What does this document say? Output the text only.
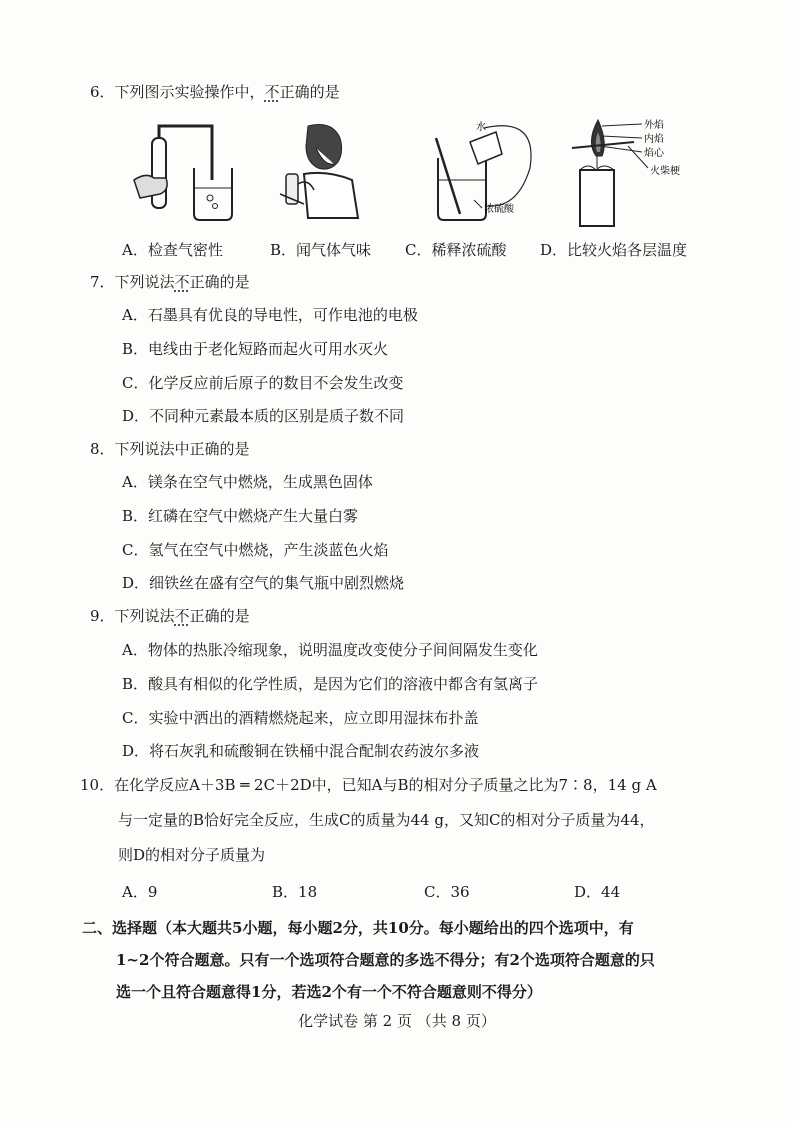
6．下列图示实验操作中，不正确的是
水
浓硫酸
外焰
内焰
焰心
火柴梗
A．检查气密性	B．闻气体气味 C．稀释浓硫酸 D．比较火焰各层温度
7．下列说法不正确的是
A．石墨具有优良的导电性，可作电池的电极
B．电线由于老化短路而起火可用水灭火
C．化学反应前后原子的数目不会发生改变
D．不同种元素最本质的区别是质子数不同
8．下列说法中正确的是
A．镁条在空气中燃烧，生成黑色固体
B．红磷在空气中燃烧产生大量白雾
C．氢气在空气中燃烧，产生淡蓝色火焰
D．细铁丝在盛有空气的集气瓶中剧烈燃烧
9．下列说法不正确的是
A．物体的热胀冷缩现象，说明温度改变使分子间间隔发生变化
B．酸具有相似的化学性质，是因为它们的溶液中都含有氢离子
C．实验中洒出的酒精燃烧起来，应立即用湿抹布扑盖
D．将石灰乳和硫酸铜在铁桶中混合配制农药波尔多液
10．在化学反应A＋3B ═ 2C＋2D中，已知A与B的相对分子质量之比为7∶8，14 g A
与一定量的B恰好完全反应，生成C的质量为44 g，又知C的相对分子质量为44，
则D的相对分子质量为
A．9	B．18	C．36	D．44
二、选择题（本大题共5小题，每小题2分，共10分。每小题给出的四个选项中，有
1~2个符合题意。只有一个选项符合题意的多选不得分；有2个选项符合题意的只
选一个且符合题意得1分，若选2个有一个不符合题意则不得分）
化学试卷 第 2 页 （共 8 页）
